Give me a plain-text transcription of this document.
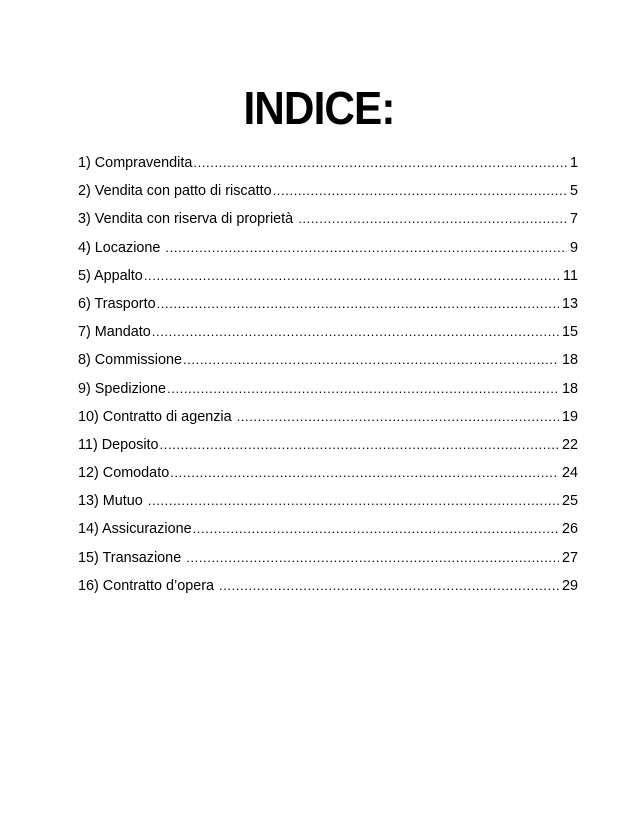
INDICE:
1) Compravendita .....	1
2) Vendita con patto di riscatto .....	5
3) Vendita con riserva di proprietà .....	7
4) Locazione .....	9
5) Appalto .....	11
6) Trasporto .....	13
7) Mandato .....	15
8) Commissione .....	18
9) Spedizione .....	18
10) Contratto di agenzia .....	19
11) Deposito .....	22
12) Comodato .....	24
13) Mutuo .....	25
14) Assicurazione .....	26
15) Transazione .....	27
16) Contratto d’opera .....	29
